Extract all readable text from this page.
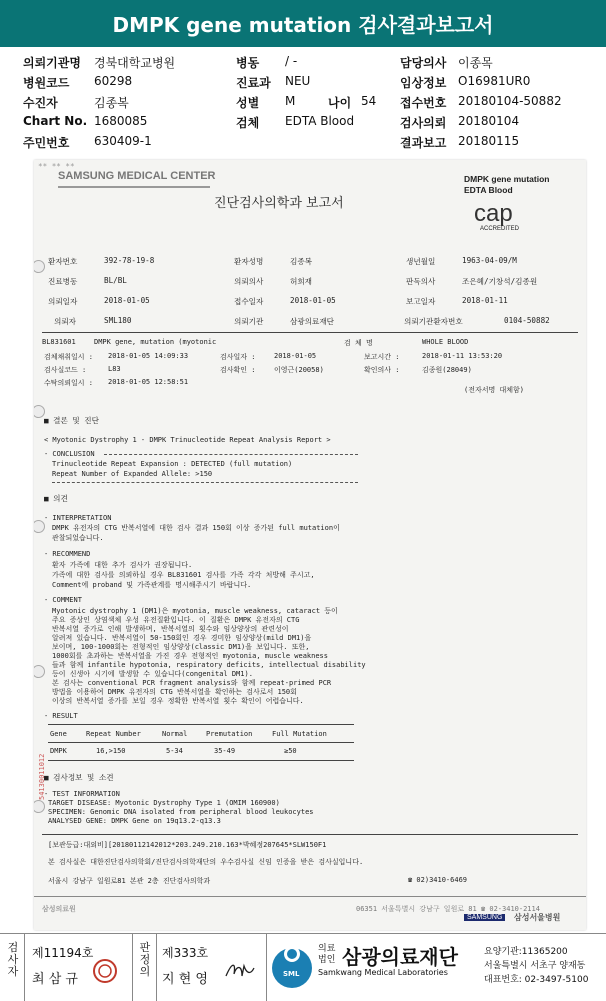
DMPK gene mutation 검사결과보고서
의뢰기관명 경북대학교병원	병동 / -	담당의사 이종목
병원코드 60298	진료과 NEU	임상정보 O16981UR0
수진자	김종복	성별 M	나이 54 접수번호 20180104-50882
Chart No. 1680085	검체 EDTA Blood	검사의뢰 20180104
주민번호 630409-1	결과보고 20180115
** ** **
SAMSUNG MEDICAL CENTER	DMPK gene mutation
EDTA Blood
cap
ACCREDITED
진단검사의학과 보고서
환자번호	392-78-19-8	환자성명	김종복	생년월일	1963-04-09/M
진료병동	BL/BL	의뢰의사	허희재	판독의사	조은혜/기창석/김종원
의뢰일자	2018-01-05	접수일자	2018-01-05	보고일자	2018-01-11
의뢰자	SML180	의뢰기관	삼광의료재단	의뢰기관환자번호	0104-50882
BL831601	DMPK gene, mutation (myotonic	검 체 명	WHOLE BLOOD
검체채취일시 : 2018-01-05 14:09:33	검사일자 :	2018-01-05	보고시간 :	2018-01-11 13:53:20
검사실코드 :	L83	검사확인 :	이영근(20058)	확인의사 :	김종원(28049)
수탁의뢰일시 : 2018-01-05 12:58:51
(전자서명 대체함)
■ 결론 및 진단
< Myotonic Dystrophy 1 - DMPK Trinucleotide Repeat Analysis Report >
- CONCLUSION
Trinucleotide Repeat Expansion : DETECTED (full mutation)
Repeat Number of Expanded Allele: >150
■ 의견
- INTERPRETATION
DMPK 유전자의 CTG 반복서열에 대한 검사 결과 150회 이상 증가된 full mutation이
관찰되었습니다.
- RECOMMEND
환자 가족에 대한 추가 검사가 권장됩니다.
가족에 대한 검사를 의뢰하실 경우 BL831601 검사를 가족 각각 처방해 주시고,
Comment에 proband 및 가족관계를 명시해주시기 바랍니다.
- COMMENT
Myotonic dystrophy 1 (DM1)은 myotonia, muscle weakness, cataract 등이
주요 증상인 상염색체 우성 유전질환입니다. 이 질환은 DMPK 유전자의 CTG
반복서열 증가로 인해 발생하며, 반복서열의 횟수와 임상양상의 관련성이
알려져 있습니다. 반복서열이 50-150회인 경우 경미한 임상양상(mild DM1)을
보이며, 100-1000회는 전형적인 임상양상(classic DM1)을 보입니다. 또한,
1000회를 초과하는 반복서열을 가진 경우 전형적인 myotonia, muscle weakness
들과 함께 infantile hypotonia, respiratory deficits, intellectual disability
등이 신생아 시기에 발생할 수 있습니다(congenital DM1).
본 검사는 conventional PCR fragment analysis와 함께 repeat-primed PCR
방법을 이용하여 DMPK 유전자의 CTG 반복서열을 확인하는 검사로서 150회
이상의 반복서열 증가를 보일 경우 정확한 반복서열 횟수 확인이 어렵습니다.
- RESULT
Gene	Repeat Number	Normal	Premutation	Full Mutation
DMPK	16,>150	5-34	35-49	≥50
■ 검사정보 및 소견
- TEST INFORMATION
TARGET DISEASE: Myotonic Dystrophy Type 1 (OMIM 160900)
SPECIMEN: Genomic DNA isolated from peripheral blood leukocytes
ANALYSED GENE: DMPK Gene on 19q13.2-q13.3
[보관등급:대외비][20180112142012*203.249.210.163*박혜정207645*SLW150F1
본 검사실은 대한진단검사의학회/진단검사의학재단의 우수검사실 신임 인증을 받은 검사실입니다.
서울시 강남구 일원로81 본관 2층 진단검사의학과	☎ 02)3410-6469
54130011012
삼성의료원	06351 서울특별시 강남구 일원로 81 ☎ 02-3410-2114
SAMSUNG	삼성서울병원
검사자
제11194호
최 삼 규
판정의
제333호
지 현 영	SML
의료법인 삼광의료재단
Samkwang Medical Laboratories
요양기관:11365200
서울특별시 서초구 양재동
대표번호: 02-3497-5100
